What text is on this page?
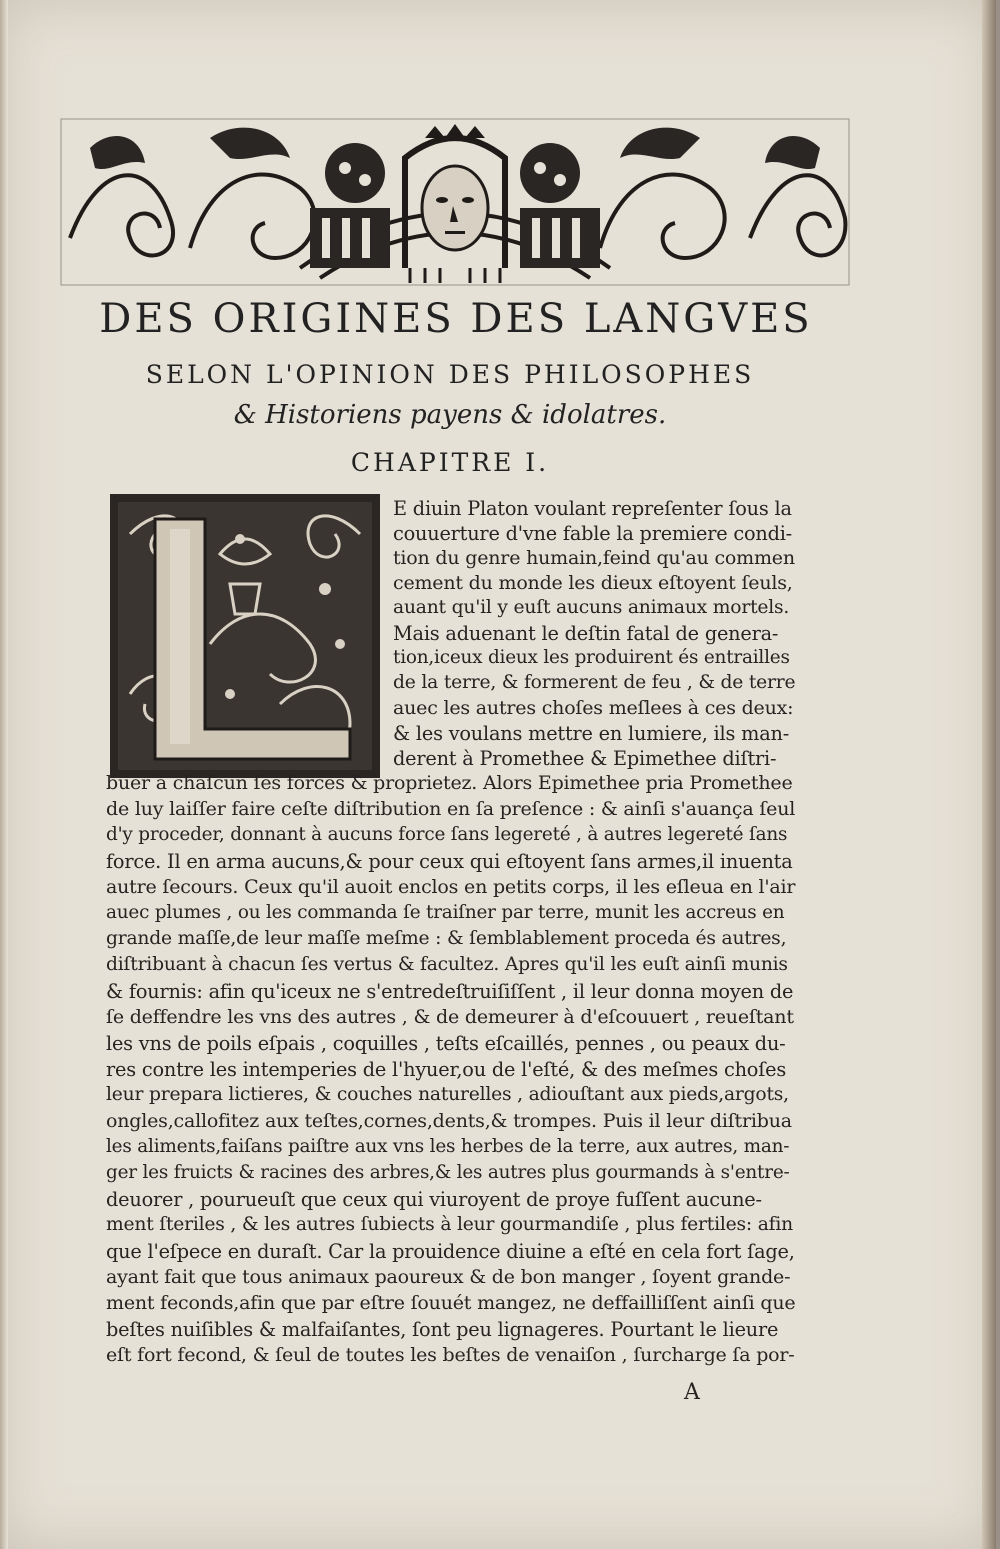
DES ORIGINES DES LANGVES
SELON L'OPINION DES PHILOSOPHES
& Historiens payens & idolatres.
CHAPITRE I.
E diuin Platon voulant repreſenter ſous la
couuerture d'vne fable la premiere condi-
tion du genre humain,feind qu'au commen
cement du monde les dieux eſtoyent ſeuls,
auant qu'il y euſt aucuns animaux mortels.
Mais aduenant le deſtin fatal de genera-
tion,iceux dieux les produirent és entrailles
de la terre, & formerent de feu , & de terre
auec les autres choſes meſlees à ces deux:
& les voulans mettre en lumiere, ils man-
derent à Promethee & Epimethee diſtri-
buer à chaſcun ſes forces & proprietez. Alors Epimethee pria Promethee
de luy laiſſer faire ceſte diſtribution en ſa preſence : & ainſi s'auança ſeul
d'y proceder, donnant à aucuns force ſans legereté , à autres legereté ſans
force. Il en arma aucuns,& pour ceux qui eſtoyent ſans armes,il inuenta
autre ſecours. Ceux qu'il auoit enclos en petits corps, il les eſleua en l'air
auec plumes , ou les commanda ſe traiſner par terre, munit les accreus en
grande maſſe,de leur maſſe meſme : & ſemblablement proceda és autres,
diſtribuant à chacun ſes vertus & facultez. Apres qu'il les euſt ainſi munis
& fournis: afin qu'iceux ne s'entredeſtruiſiſſent , il leur donna moyen de
ſe deffendre les vns des autres , & de demeurer à d'eſcouuert , reueſtant
les vns de poils eſpais , coquilles , teſts eſcaillés, pennes , ou peaux du-
res contre les intemperies de l'hyuer,ou de l'eſté, & des meſmes choſes
leur prepara lictieres, & couches naturelles , adiouſtant aux pieds,argots,
ongles,callofitez aux teſtes,cornes,dents,& trompes. Puis il leur diſtribua
les aliments,faiſans paiſtre aux vns les herbes de la terre, aux autres, man-
ger les fruicts & racines des arbres,& les autres plus gourmands à s'entre-
deuorer , pourueuſt que ceux qui viuroyent de proye fuſſent aucune-
ment ſteriles , & les autres ſubiects à leur gourmandiſe , plus fertiles: afin
que l'eſpece en duraſt. Car la prouidence diuine a eſté en cela fort ſage,
ayant fait que tous animaux paoureux & de bon manger , ſoyent grande-
ment feconds,afin que par eſtre ſouuét mangez, ne deffailliſſent ainſi que
beſtes nuiſibles & malfaiſantes, ſont peu lignageres. Pourtant le lieure
eſt fort fecond, & ſeul de toutes les beſtes de venaiſon , ſurcharge ſa por-
A
